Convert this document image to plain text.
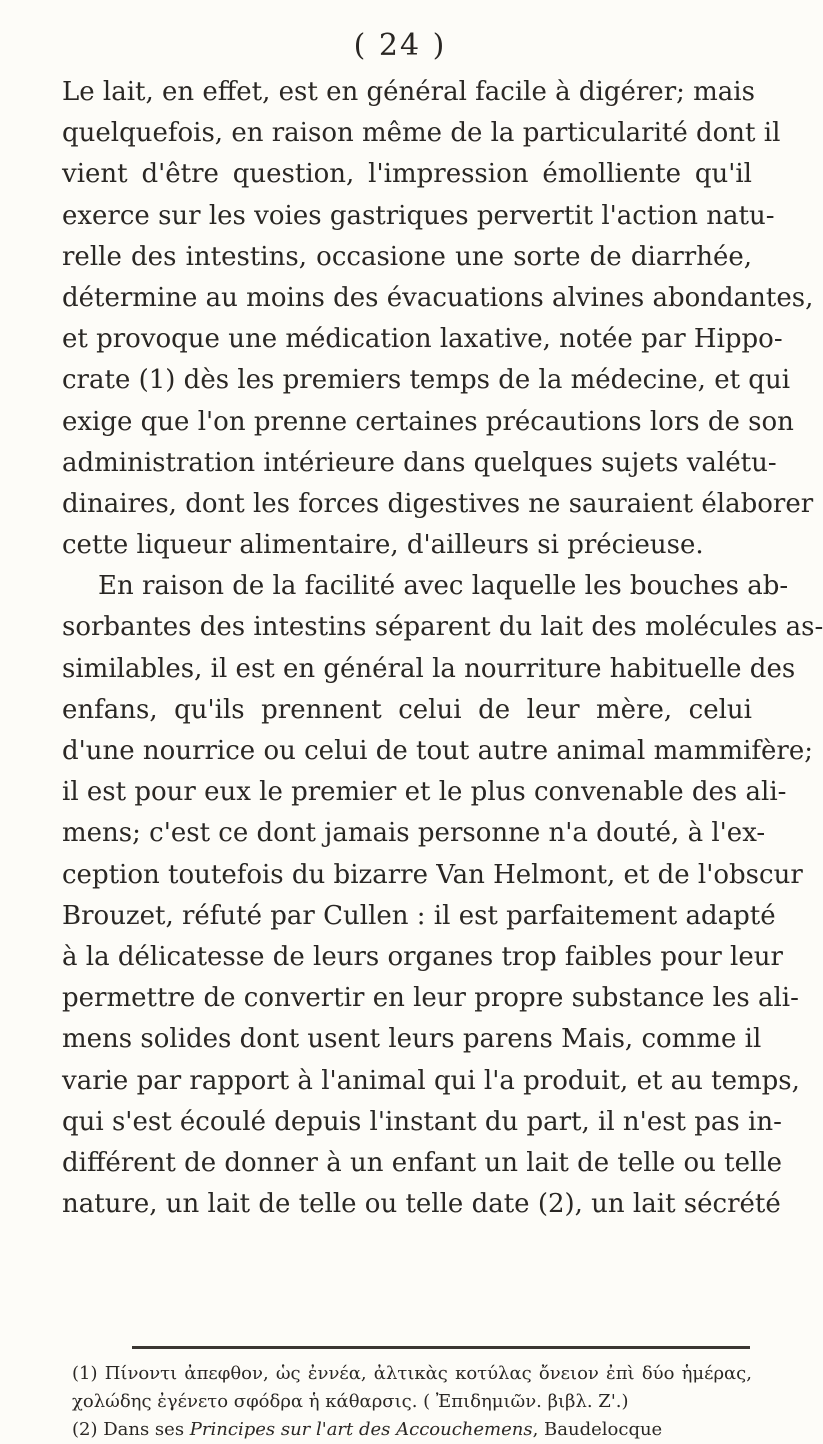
( 24 )
Le lait, en effet, est en général facile à digérer; mais
quelquefois, en raison même de la particularité dont il
vient d'être question, l'impression émolliente qu'il
exerce sur les voies gastriques pervertit l'action natu-
relle des intestins, occasione une sorte de diarrhée,
détermine au moins des évacuations alvines abondantes,
et provoque une médication laxative, notée par Hippo-
crate (1) dès les premiers temps de la médecine, et qui
exige que l'on prenne certaines précautions lors de son
administration intérieure dans quelques sujets valétu-
dinaires, dont les forces digestives ne sauraient élaborer
cette liqueur alimentaire, d'ailleurs si précieuse.
En raison de la facilité avec laquelle les bouches ab-
sorbantes des intestins séparent du lait des molécules as-
similables, il est en général la nourriture habituelle des
enfans, qu'ils prennent celui de leur mère, celui
d'une nourrice ou celui de tout autre animal mammifère;
il est pour eux le premier et le plus convenable des ali-
mens; c'est ce dont jamais personne n'a douté, à l'ex-
ception toutefois du bizarre Van Helmont, et de l'obscur
Brouzet, réfuté par Cullen : il est parfaitement adapté
à la délicatesse de leurs organes trop faibles pour leur
permettre de convertir en leur propre substance les ali-
mens solides dont usent leurs parens Mais, comme il
varie par rapport à l'animal qui l'a produit, et au temps,
qui s'est écoulé depuis l'instant du part, il n'est pas in-
différent de donner à un enfant un lait de telle ou telle
nature, un lait de telle ou telle date (2), un lait sécrété
(1) Πίνοντι ἀπεφθον, ὡς ἐννέα, ἀλτικὰς κοτύλας ὄνειον ἐπὶ δύο ἡμέρας,
χολώδης ἐγένετο σφόδρα ἡ κάθαρσις. ( Ἐπιδημιῶν. βιβλ. Ζ'.)
(2) Dans ses Principes sur l'art des Accouchemens, Baudelocque
